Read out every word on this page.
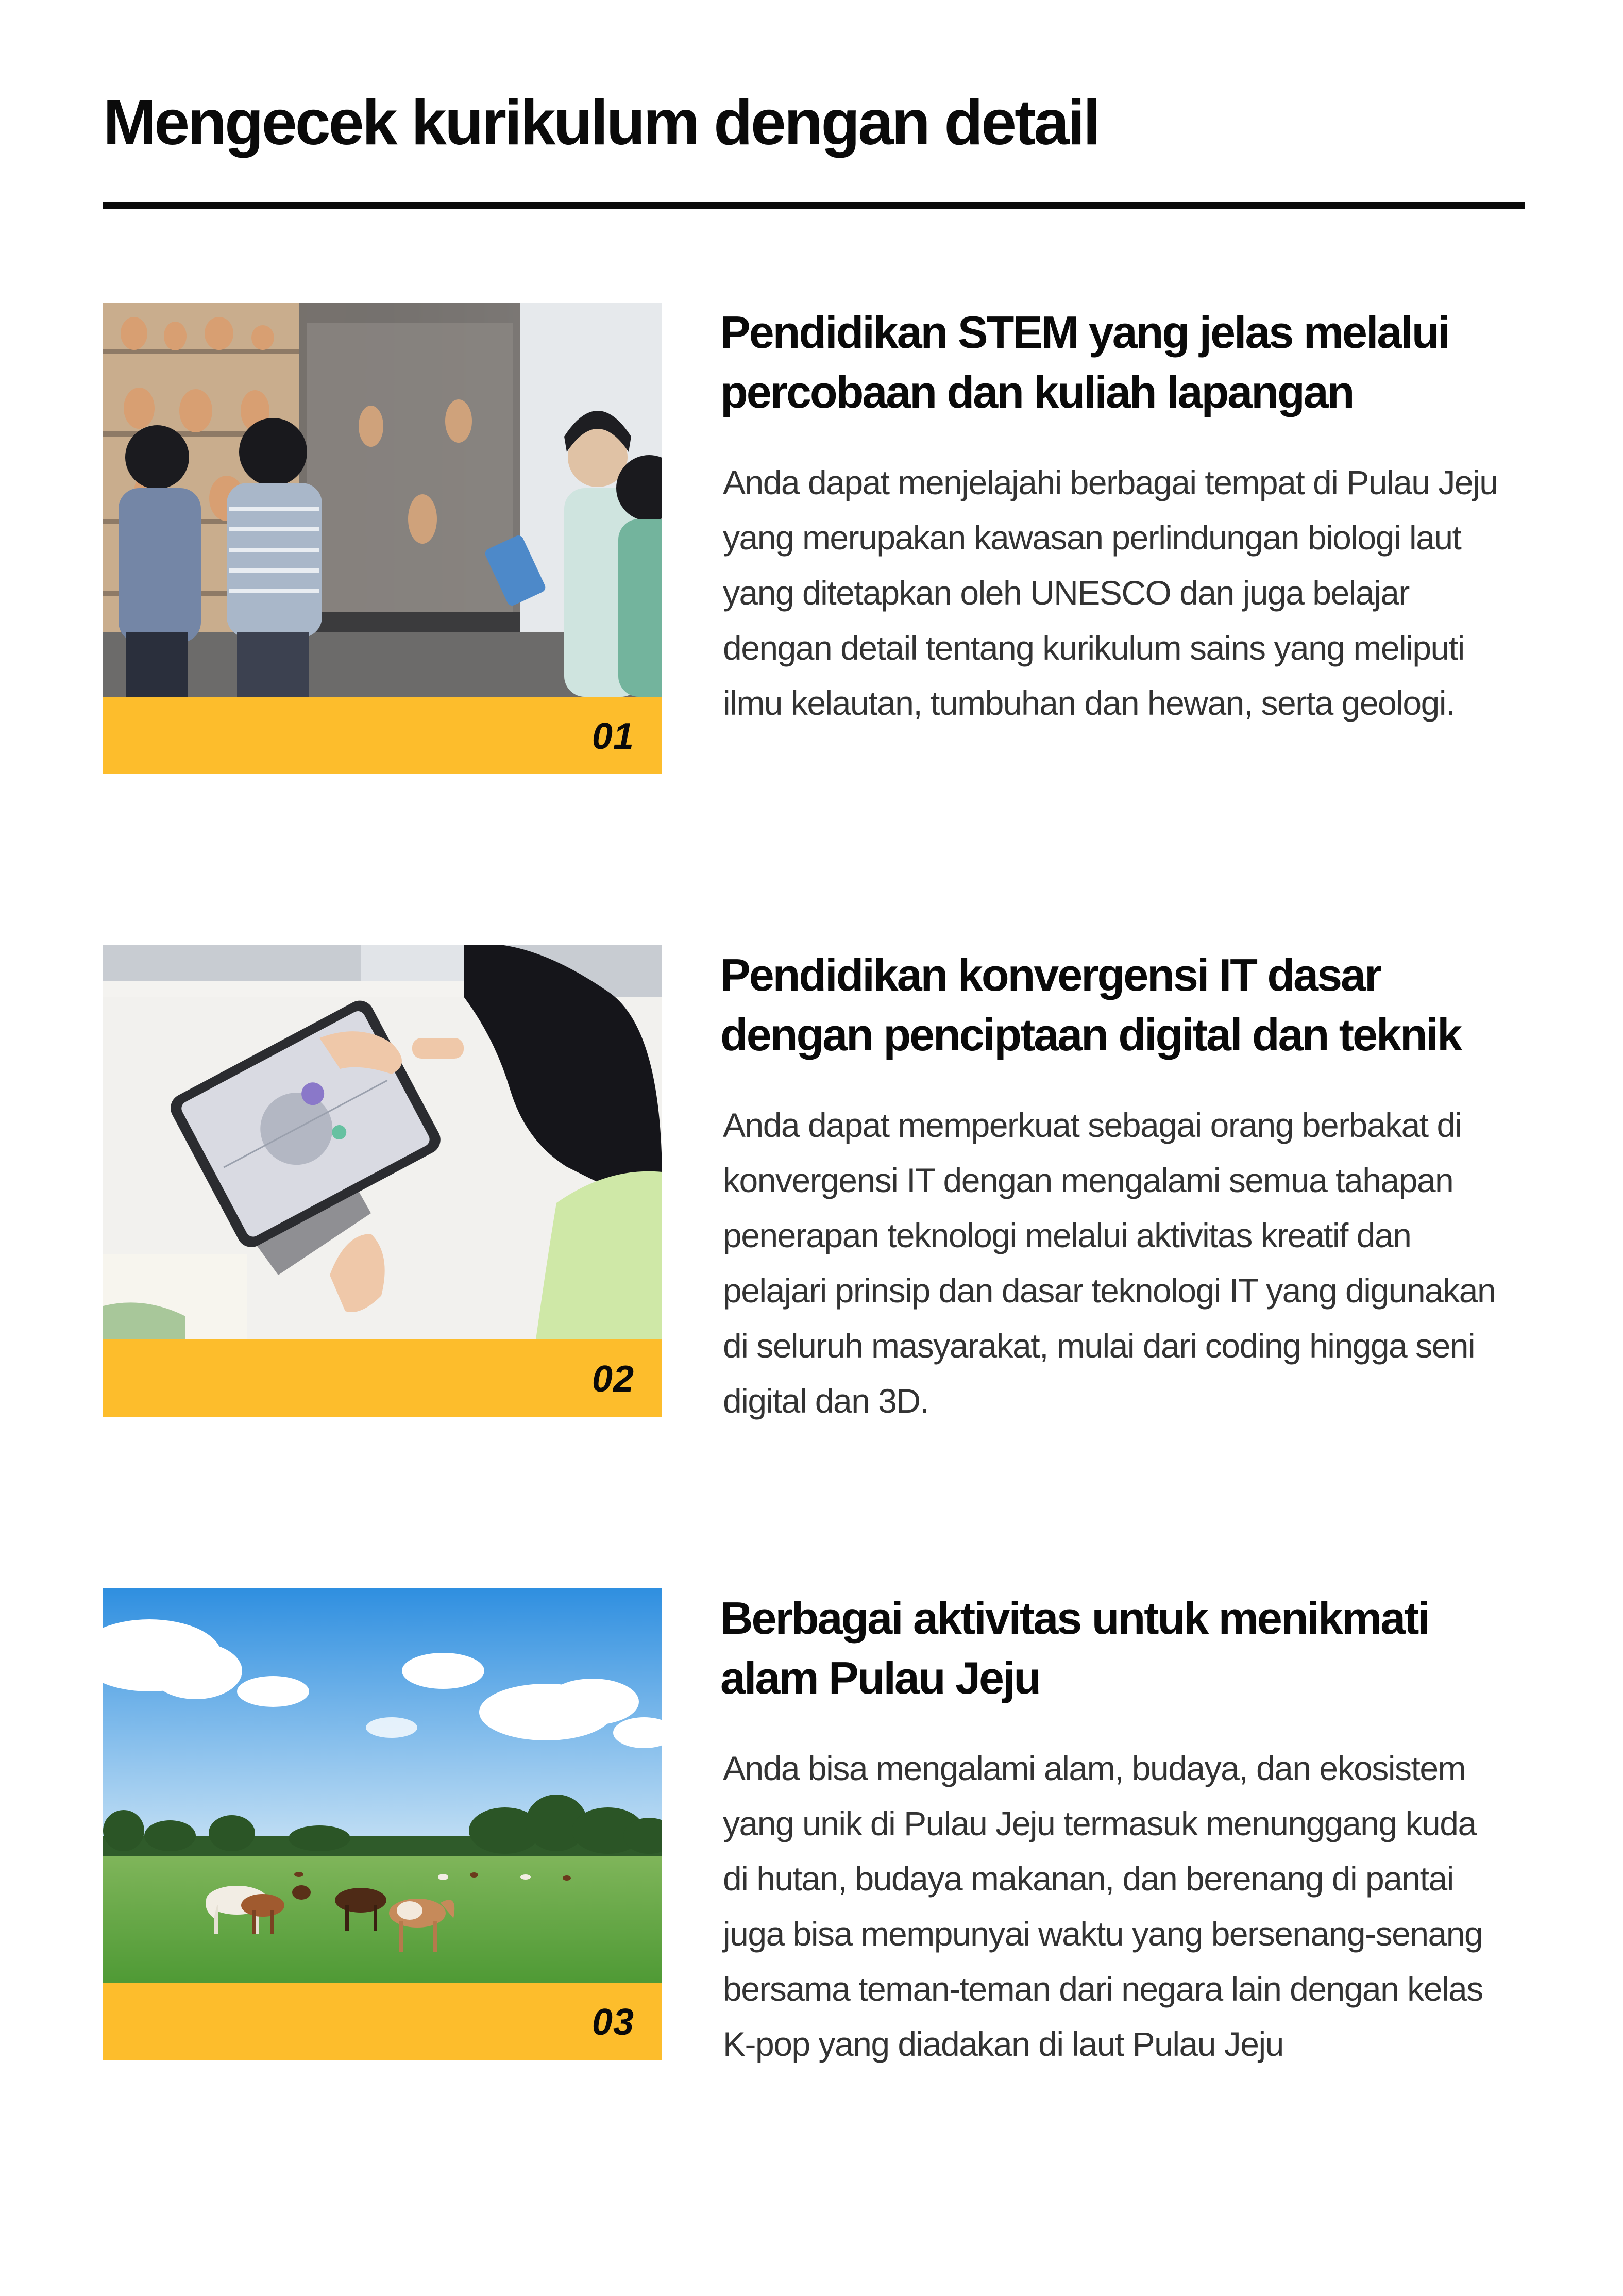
Mengecek kurikulum dengan detail
01
Pendidikan STEM yang jelas melalui percobaan dan kuliah lapangan

Anda dapat menjelajahi berbagai tempat di Pulau Jeju yang merupakan kawasan perlindungan biologi laut yang ditetapkan oleh UNESCO dan juga belajar dengan detail tentang kurikulum sains yang meliputi ilmu kelautan, tumbuhan dan hewan, serta geologi.

02
Pendidikan konvergensi IT dasar dengan penciptaan digital dan teknik

Anda dapat memperkuat sebagai orang berbakat di konvergensi IT dengan mengalami semua tahapan penerapan teknologi melalui aktivitas kreatif dan pelajari prinsip dan dasar teknologi IT yang digunakan di seluruh masyarakat, mulai dari coding hingga seni digital dan 3D.

03
Berbagai aktivitas untuk menikmati alam Pulau Jeju

Anda bisa mengalami alam, budaya, dan ekosistem yang unik di Pulau Jeju termasuk menunggang kuda di hutan, budaya makanan, dan berenang di pantai juga bisa mempunyai waktu yang bersenang-senang bersama teman-teman dari negara lain dengan kelas K-pop yang diadakan di laut Pulau Jeju
